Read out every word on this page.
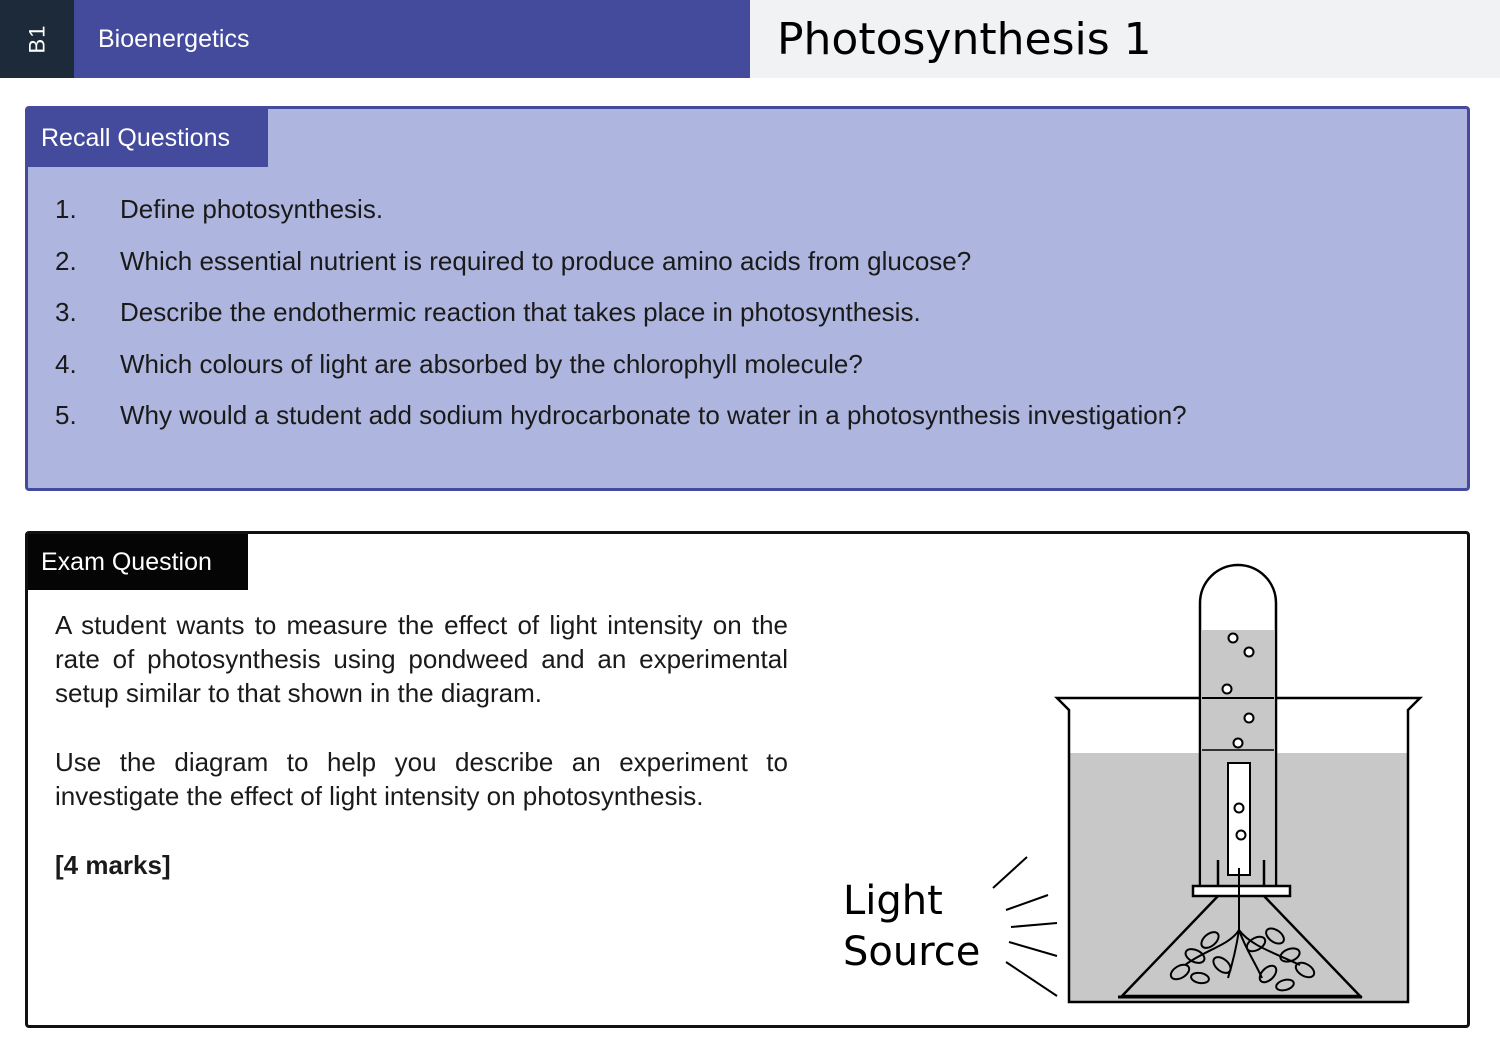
B1 Bioenergetics	Photosynthesis 1
Recall Questions
1.	Define photosynthesis.
2.	Which essential nutrient is required to produce amino acids from glucose?
3.	Describe the endothermic reaction that takes place in photosynthesis.
4.	Which colours of light are absorbed by the chlorophyll molecule?
5.	Why would a student add sodium hydrocarbonate to water in a photosynthesis investigation?
Exam Question

A student wants to measure the effect of light intensity on the rate of photosynthesis using pondweed and an experimental setup similar to that shown in the diagram.

Use the diagram to help you describe an experiment to investigate the effect of light intensity on photosynthesis.

[4 marks]

Light
Source
